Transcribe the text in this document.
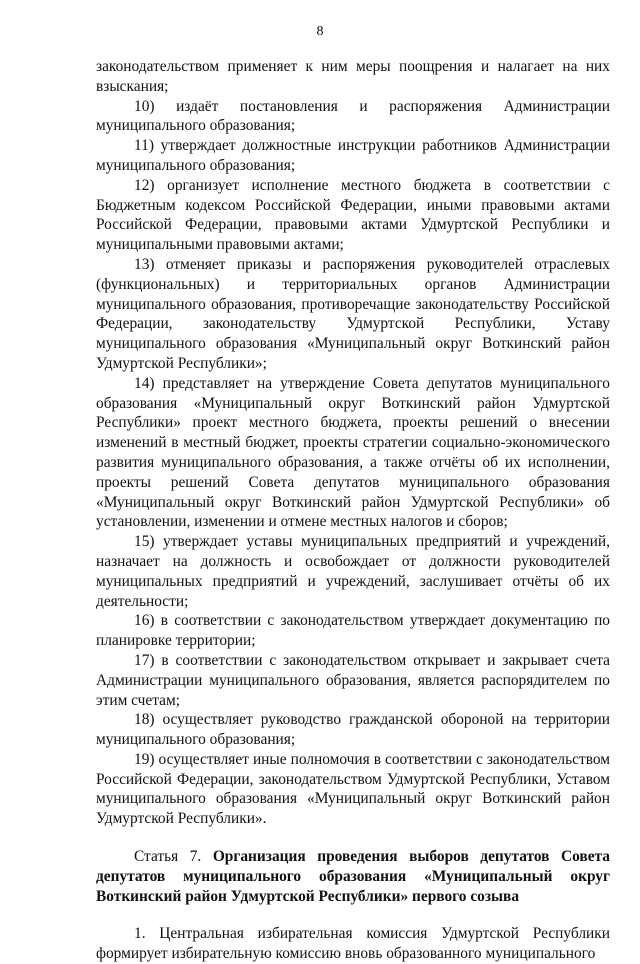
8

законодательством применяет к ним меры поощрения и налагает на них взыскания;

10) издаёт постановления и распоряжения Администрации муниципального образования;

11) утверждает должностные инструкции работников Администрации муниципального образования;

12) организует исполнение местного бюджета в соответствии с Бюджетным кодексом Российской Федерации, иными правовыми актами Российской Федерации, правовыми актами Удмуртской Республики и муниципальными правовыми актами;

13) отменяет приказы и распоряжения руководителей отраслевых (функциональных) и территориальных органов Администрации муниципального образования, противоречащие законодательству Российской Федерации, законодательству Удмуртской Республики, Уставу муниципального образования «Муниципальный округ Воткинский район Удмуртской Республики»;

14) представляет на утверждение Совета депутатов муниципального образования «Муниципальный округ Воткинский район Удмуртской Республики» проект местного бюджета, проекты решений о внесении изменений в местный бюджет, проекты стратегии социально-экономического развития муниципального образования, а также отчёты об их исполнении, проекты решений Совета депутатов муниципального образования «Муниципальный округ Воткинский район Удмуртской Республики» об установлении, изменении и отмене местных налогов и сборов;

15) утверждает уставы муниципальных предприятий и учреждений, назначает на должность и освобождает от должности руководителей муниципальных предприятий и учреждений, заслушивает отчёты об их деятельности;

16) в соответствии с законодательством утверждает документацию по планировке территории;

17) в соответствии с законодательством открывает и закрывает счета Администрации муниципального образования, является распорядителем по этим счетам;

18) осуществляет руководство гражданской обороной на территории муниципального образования;

19) осуществляет иные полномочия в соответствии с законодательством Российской Федерации, законодательством Удмуртской Республики, Уставом муниципального образования «Муниципальный округ Воткинский район Удмуртской Республики».

Статья 7. Организация проведения выборов депутатов Совета депутатов муниципального образования «Муниципальный округ Воткинский район Удмуртской Республики» первого созыва

1. Центральная избирательная комиссия Удмуртской Республики формирует избирательную комиссию вновь образованного муниципального
